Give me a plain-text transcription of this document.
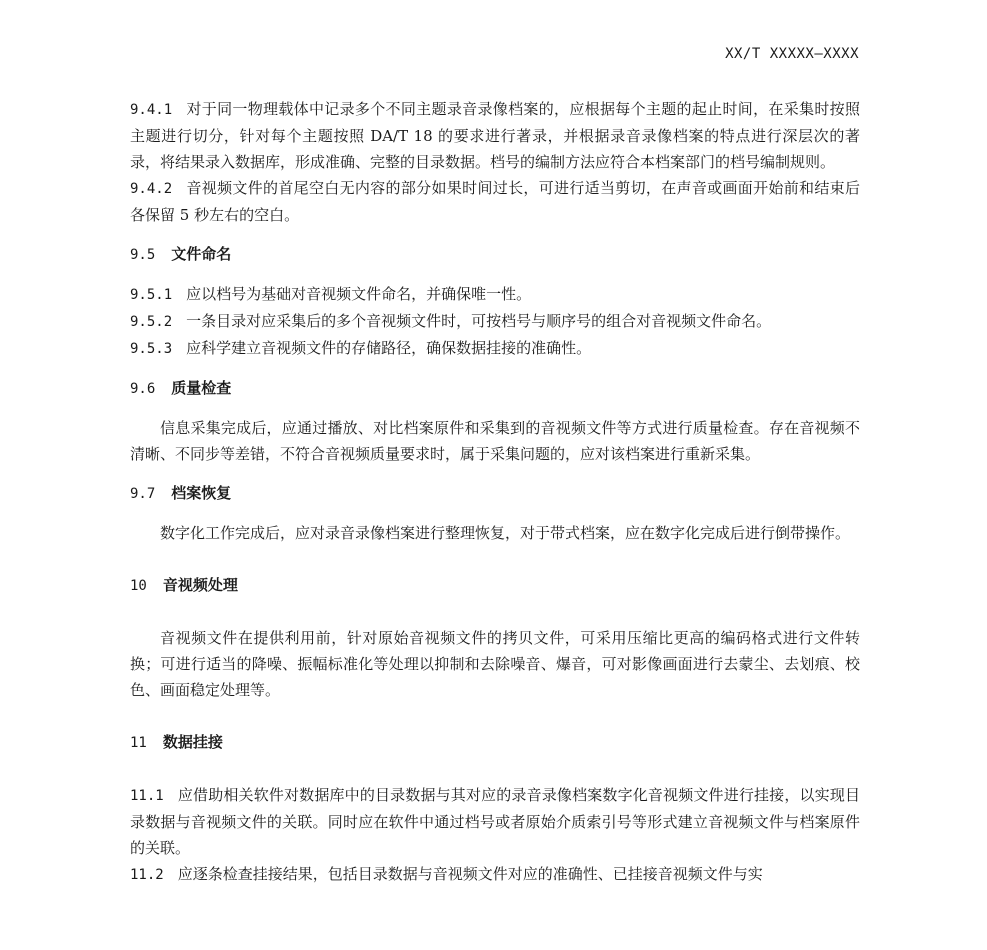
XX/T XXXXX—XXXX

9.4.1 对于同一物理载体中记录多个不同主题录音录像档案的，应根据每个主题的起止时间，在采集时按照主题进行切分，针对每个主题按照 DA/T 18 的要求进行著录，并根据录音录像档案的特点进行深层次的著录，将结果录入数据库，形成准确、完整的目录数据。档号的编制方法应符合本档案部门的档号编制规则。

9.4.2 音视频文件的首尾空白无内容的部分如果时间过长，可进行适当剪切，在声音或画面开始前和结束后各保留 5 秒左右的空白。

9.5 文件命名

9.5.1 应以档号为基础对音视频文件命名，并确保唯一性。

9.5.2 一条目录对应采集后的多个音视频文件时，可按档号与顺序号的组合对音视频文件命名。

9.5.3 应科学建立音视频文件的存储路径，确保数据挂接的准确性。

9.6 质量检查

信息采集完成后，应通过播放、对比档案原件和采集到的音视频文件等方式进行质量检查。存在音视频不清晰、不同步等差错，不符合音视频质量要求时，属于采集问题的，应对该档案进行重新采集。

9.7 档案恢复

数字化工作完成后，应对录音录像档案进行整理恢复，对于带式档案，应在数字化完成后进行倒带操作。

10 音视频处理

音视频文件在提供利用前，针对原始音视频文件的拷贝文件，可采用压缩比更高的编码格式进行文件转换；可进行适当的降噪、振幅标准化等处理以抑制和去除噪音、爆音，可对影像画面进行去蒙尘、去划痕、校色、画面稳定处理等。

11 数据挂接

11.1 应借助相关软件对数据库中的目录数据与其对应的录音录像档案数字化音视频文件进行挂接，以实现目录数据与音视频文件的关联。同时应在软件中通过档号或者原始介质索引号等形式建立音视频文件与档案原件的关联。

11.2 应逐条检查挂接结果，包括目录数据与音视频文件对应的准确性、已挂接音视频文件与实
